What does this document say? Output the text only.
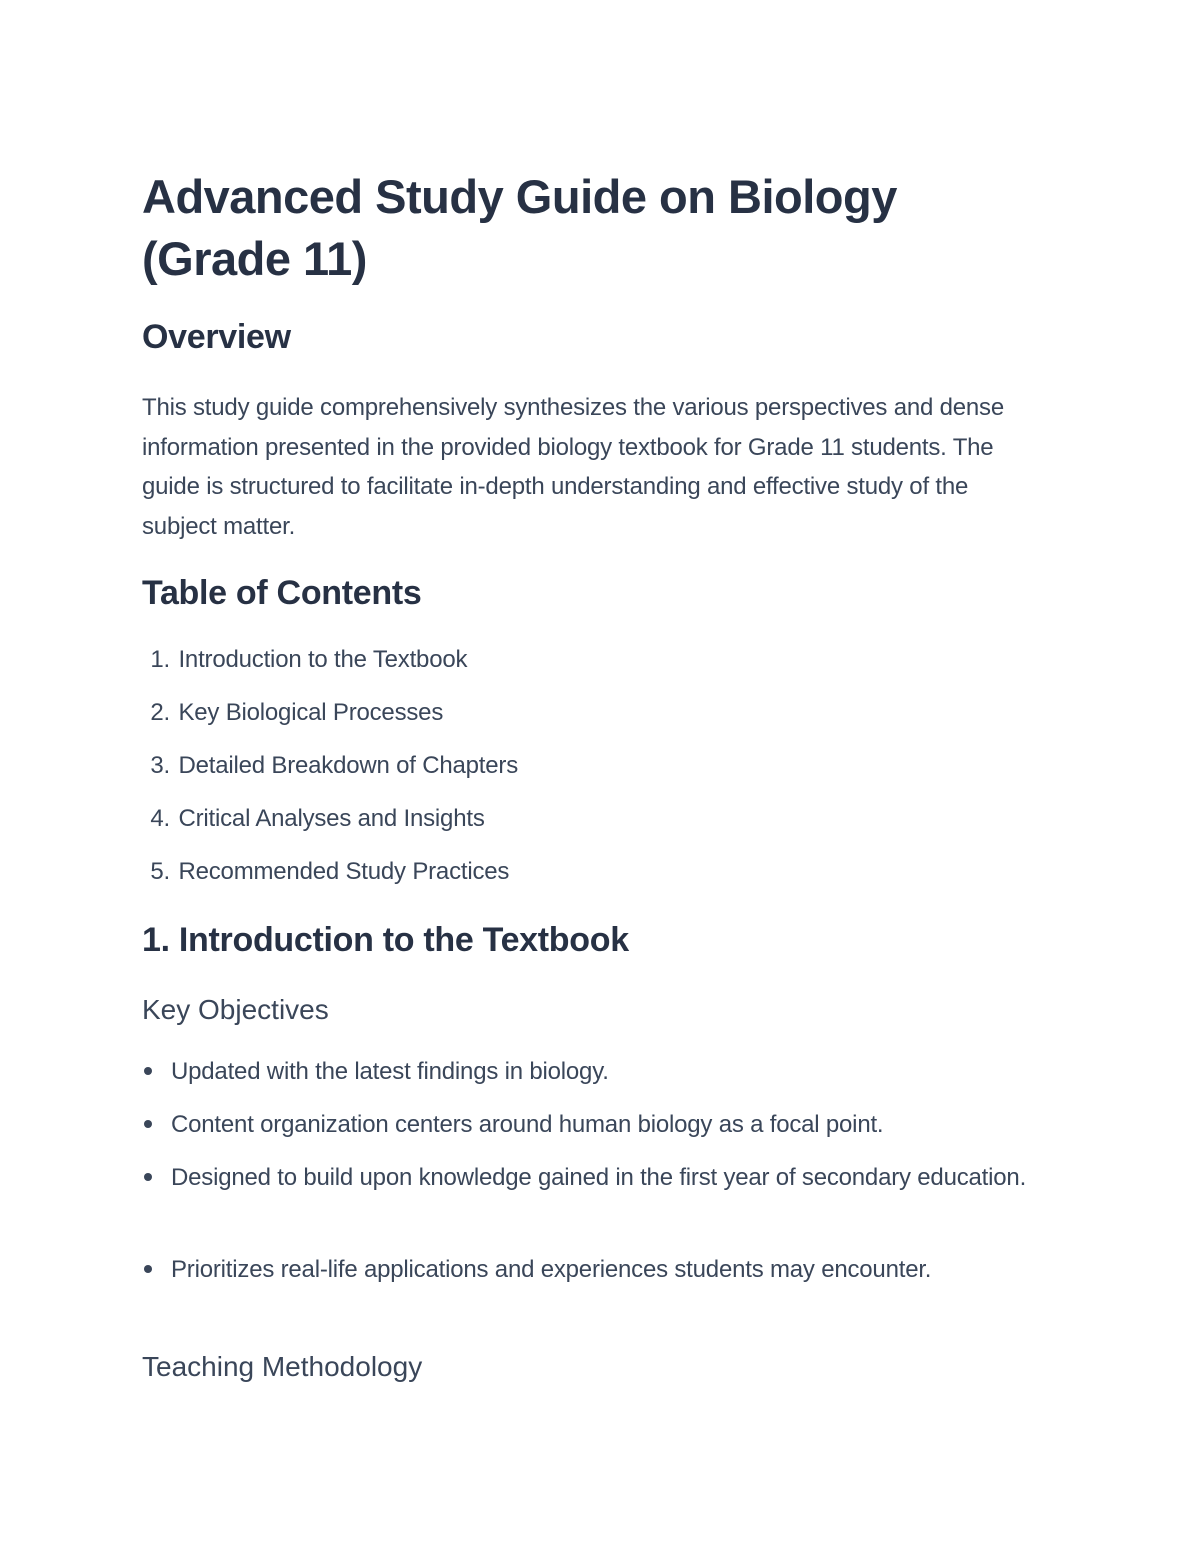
Advanced Study Guide on Biology (Grade 11)
Overview

This study guide comprehensively synthesizes the various perspectives and dense information presented in the provided biology textbook for Grade 11 students. The guide is structured to facilitate in-depth understanding and effective study of the subject matter.

Table of Contents
1. Introduction to the Textbook
2. Key Biological Processes
3. Detailed Breakdown of Chapters
4. Critical Analyses and Insights
5. Recommended Study Practices
1. Introduction to the Textbook
Key Objectives
Updated with the latest findings in biology.
Content organization centers around human biology as a focal point.
Designed to build upon knowledge gained in the first year of secondary education.
Prioritizes real-life applications and experiences students may encounter.
Teaching Methodology
